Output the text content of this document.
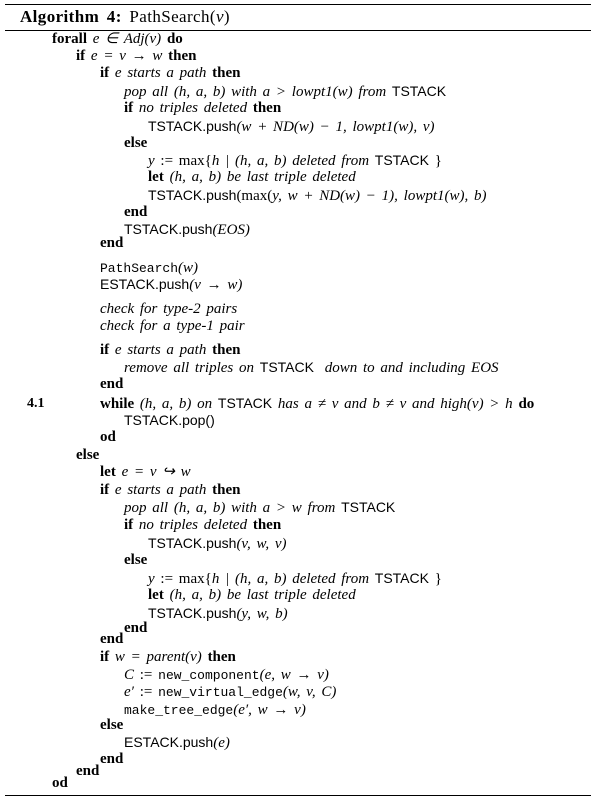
Algorithm 4: PathSearch(v)
forall e ∈ Adj(v) do
if e = v → w then
if e starts a path then
pop all (h, a, b) with a > lowpt1(w) from TSTACK
if no triples deleted then
TSTACK.push(w + ND(w) − 1, lowpt1(w), v)
else
y := max{h | (h, a, b) deleted from TSTACK }
let (h, a, b) be last triple deleted
TSTACK.push(max(y, w + ND(w) − 1), lowpt1(w), b)
end
TSTACK.push(EOS)
end
PathSearch(w)
ESTACK.push(v → w)
check for type-2 pairs
check for a type-1 pair
if e starts a path then
remove all triples on TSTACK down to and including EOS
end
4.1	while (h, a, b) on TSTACK has a ≠ v and b ≠ v and high(v) > h do
TSTACK.pop()
od
else
let e = v ↪ w
if e starts a path then
pop all (h, a, b) with a > w from TSTACK
if no triples deleted then
TSTACK.push(v, w, v)
else
y := max{h | (h, a, b) deleted from TSTACK }
let (h, a, b) be last triple deleted
TSTACK.push(y, w, b)
end
end
if w = parent(v) then
C := new_component(e, w → v)
e′ := new_virtual_edge(w, v, C)
make_tree_edge(e′, w → v)
else
ESTACK.push(e)
end
end
od
